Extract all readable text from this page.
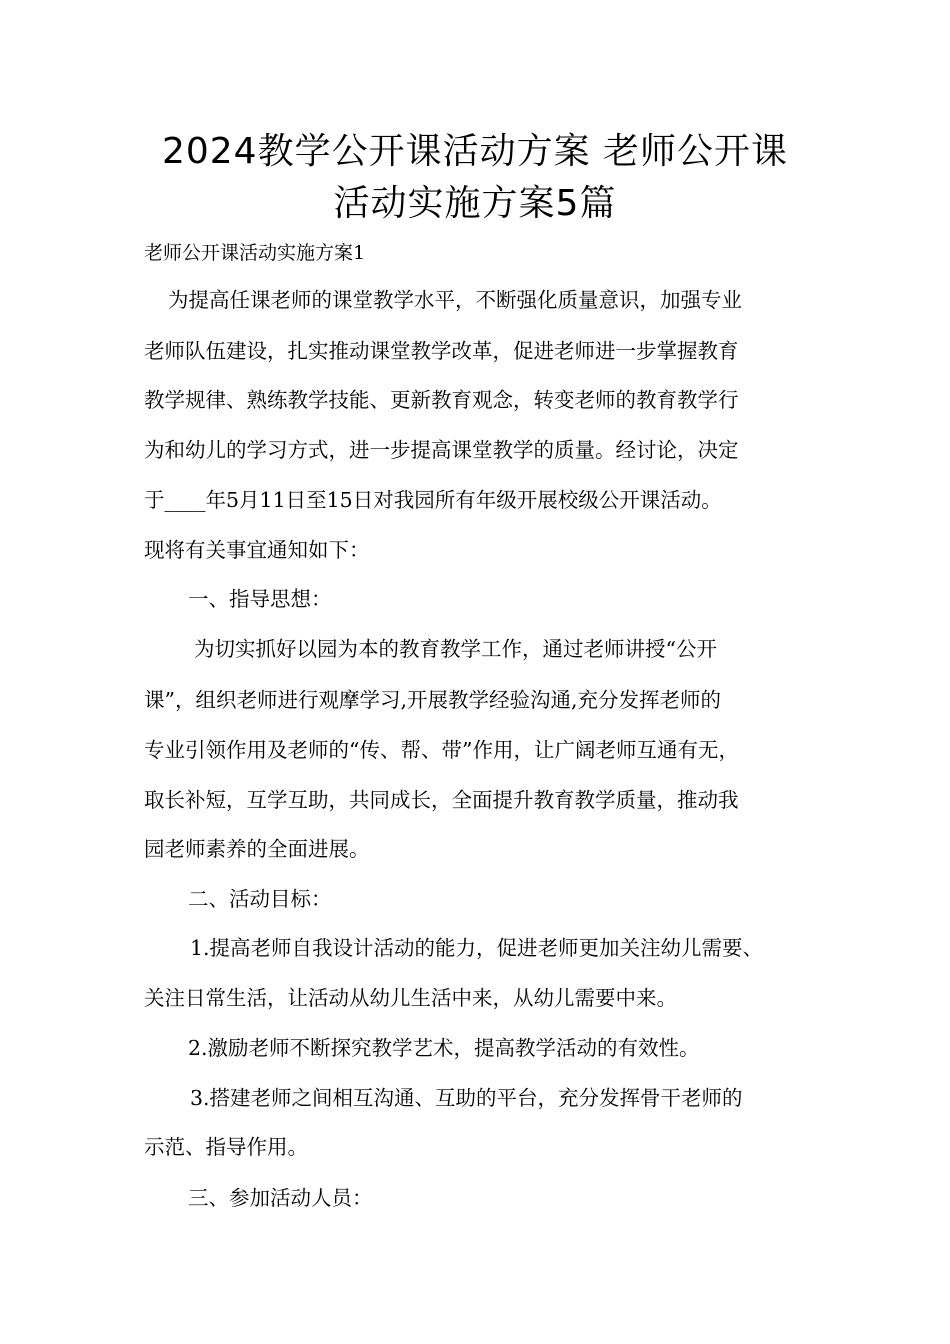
2024教学公开课活动方案 老师公开课
活动实施方案5篇
老师公开课活动实施方案1
为提高任课老师的课堂教学水平，不断强化质量意识，加强专业
老师队伍建设，扎实推动课堂教学改革，促进老师进一步掌握教育
教学规律、熟练教学技能、更新教育观念，转变老师的教育教学行
为和幼儿的学习方式，进一步提高课堂教学的质量。经讨论，决定
于____年5月11日至15日对我园所有年级开展校级公开课活动。
现将有关事宜通知如下：
一、指导思想：
为切实抓好以园为本的教育教学工作，通过老师讲授“公开
课”，组织老师进行观摩学习,开展教学经验沟通,充分发挥老师的
专业引领作用及老师的“传、帮、带”作用，让广阔老师互通有无，
取长补短，互学互助，共同成长，全面提升教育教学质量，推动我
园老师素养的全面进展。
二、活动目标：
1.提高老师自我设计活动的能力，促进老师更加关注幼儿需要、
关注日常生活，让活动从幼儿生活中来，从幼儿需要中来。
2.激励老师不断探究教学艺术，提高教学活动的有效性。
3.搭建老师之间相互沟通、互助的平台，充分发挥骨干老师的
示范、指导作用。
三、参加活动人员：
